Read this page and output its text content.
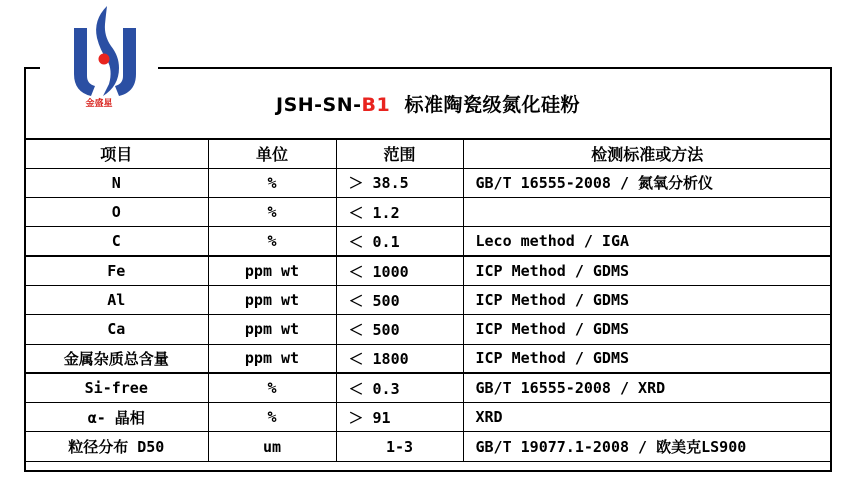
金盛星	JSH-SN-B1 标准陶瓷级氮化硅粉
项目	单位	范围	检测标准或方法
N	%	＞ 38.5	GB/T 16555-2008 / 氮氧分析仪
O	%	＜ 1.2	
C	%	＜ 0.1	Leco method / IGA
Fe	ppm wt	＜ 1000	ICP Method / GDMS
Al	ppm wt	＜ 500	ICP Method / GDMS
Ca	ppm wt	＜ 500	ICP Method / GDMS
金属杂质总含量	ppm wt	＜ 1800	ICP Method / GDMS
Si-free	%	＜ 0.3	GB/T 16555-2008 / XRD
α- 晶相	%	＞ 91	XRD
粒径分布 D50	um	1-3	GB/T 19077.1-2008 / 欧美克LS900
